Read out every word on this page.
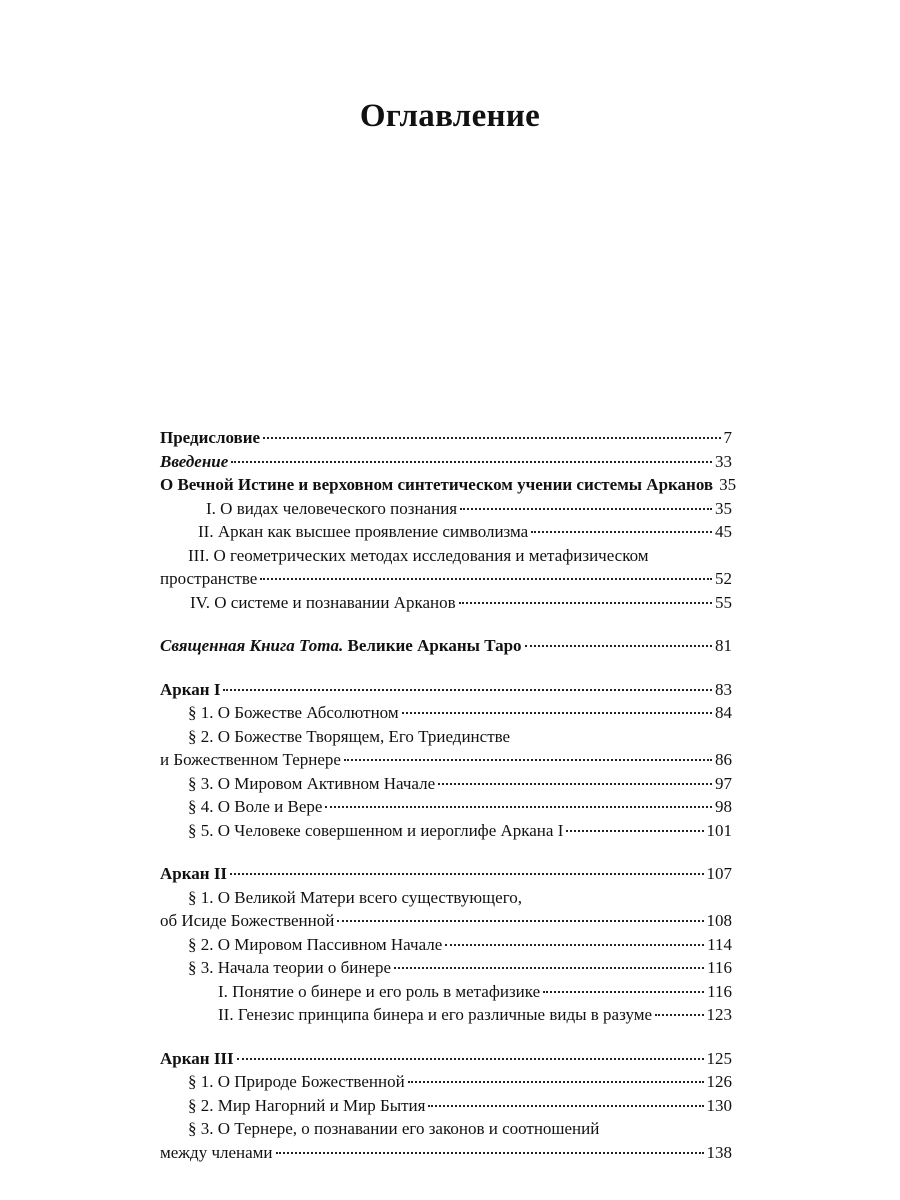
Оглавление
Предисловие	7
Введение	33
О Вечной Истине и верховном синтетическом учении системы Арканов 35
I. О видах человеческого познания	35
II. Аркан как высшее проявление символизма	45
III. О геометрических методах исследования и метафизическом
пространстве	52
IV. О системе и познавании Арканов	55
Священная Книга Тота. Великие Арканы Таро	81
Аркан I	83
§ 1. О Божестве Абсолютном	84
§ 2. О Божестве Творящем, Его Триединстве
и Божественном Тернере	86
§ 3. О Мировом Активном Начале	97
§ 4. О Воле и Вере	98
§ 5. О Человеке совершенном и иероглифе Аркана I	101
Аркан II	107
§ 1. О Великой Матери всего существующего,
об Исиде Божественной	108
§ 2. О Мировом Пассивном Начале	114
§ 3. Начала теории о бинере	116
I. Понятие о бинере и его роль в метафизике	116
II. Генезис принципа бинера и его различные виды в разуме	123
Аркан III	125
§ 1. О Природе Божественной	126
§ 2. Мир Нагорний и Мир Бытия	130
§ 3. О Тернере, о познавании его законов и соотношений
между членами	138
